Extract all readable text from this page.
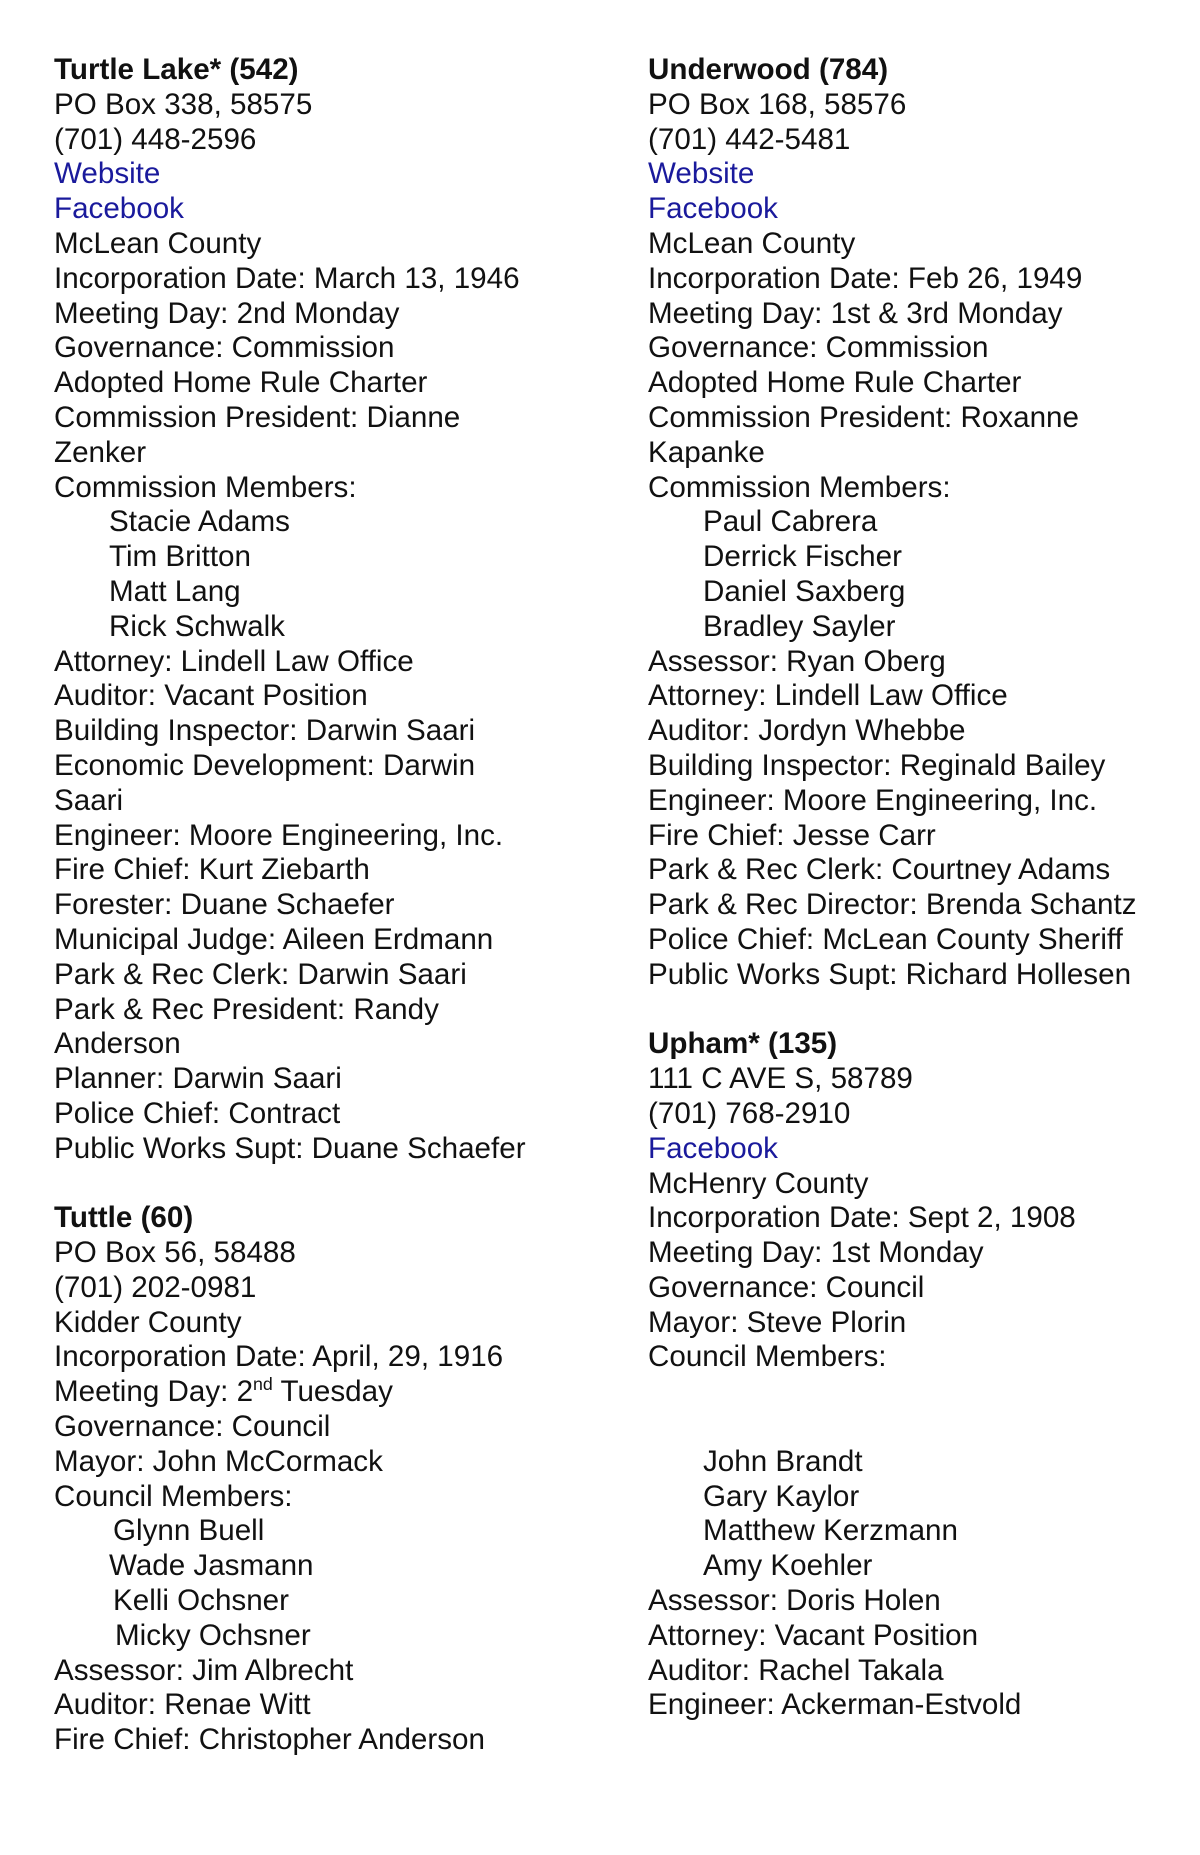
Turtle Lake* (542)
PO Box 338, 58575
(701) 448-2596
Website
Facebook
McLean County
Incorporation Date: March 13, 1946
Meeting Day: 2nd Monday
Governance: Commission
Adopted Home Rule Charter
Commission President: Dianne
Zenker
Commission Members:
Stacie Adams
Tim Britton
Matt Lang
Rick Schwalk
Attorney: Lindell Law Office
Auditor: Vacant Position
Building Inspector: Darwin Saari
Economic Development: Darwin
Saari
Engineer: Moore Engineering, Inc.
Fire Chief: Kurt Ziebarth
Forester: Duane Schaefer
Municipal Judge: Aileen Erdmann
Park & Rec Clerk: Darwin Saari
Park & Rec President: Randy
Anderson
Planner: Darwin Saari
Police Chief: Contract
Public Works Supt: Duane Schaefer
Tuttle (60)
PO Box 56, 58488
(701) 202-0981
Kidder County
Incorporation Date: April, 29, 1916
Meeting Day: 2nd Tuesday
Governance: Council
Mayor: John McCormack
Council Members:
Glynn Buell
Wade Jasmann
Kelli Ochsner
Micky Ochsner
Assessor: Jim Albrecht
Auditor: Renae Witt
Fire Chief: Christopher Anderson
Underwood (784)
PO Box 168, 58576
(701) 442-5481
Website
Facebook
McLean County
Incorporation Date: Feb 26, 1949
Meeting Day: 1st & 3rd Monday
Governance: Commission
Adopted Home Rule Charter
Commission President: Roxanne
Kapanke
Commission Members:
Paul Cabrera
Derrick Fischer
Daniel Saxberg
Bradley Sayler
Assessor: Ryan Oberg
Attorney: Lindell Law Office
Auditor: Jordyn Whebbe
Building Inspector: Reginald Bailey
Engineer: Moore Engineering, Inc.
Fire Chief: Jesse Carr
Park & Rec Clerk: Courtney Adams
Park & Rec Director: Brenda Schantz
Police Chief: McLean County Sheriff
Public Works Supt: Richard Hollesen
Upham* (135)
111 C AVE S, 58789
(701) 768-2910
Facebook
McHenry County
Incorporation Date: Sept 2, 1908
Meeting Day: 1st Monday
Governance: Council
Mayor: Steve Plorin
Council Members:
John Brandt
Gary Kaylor
Matthew Kerzmann
Amy Koehler
Assessor: Doris Holen
Attorney: Vacant Position
Auditor: Rachel Takala
Engineer: Ackerman-Estvold
